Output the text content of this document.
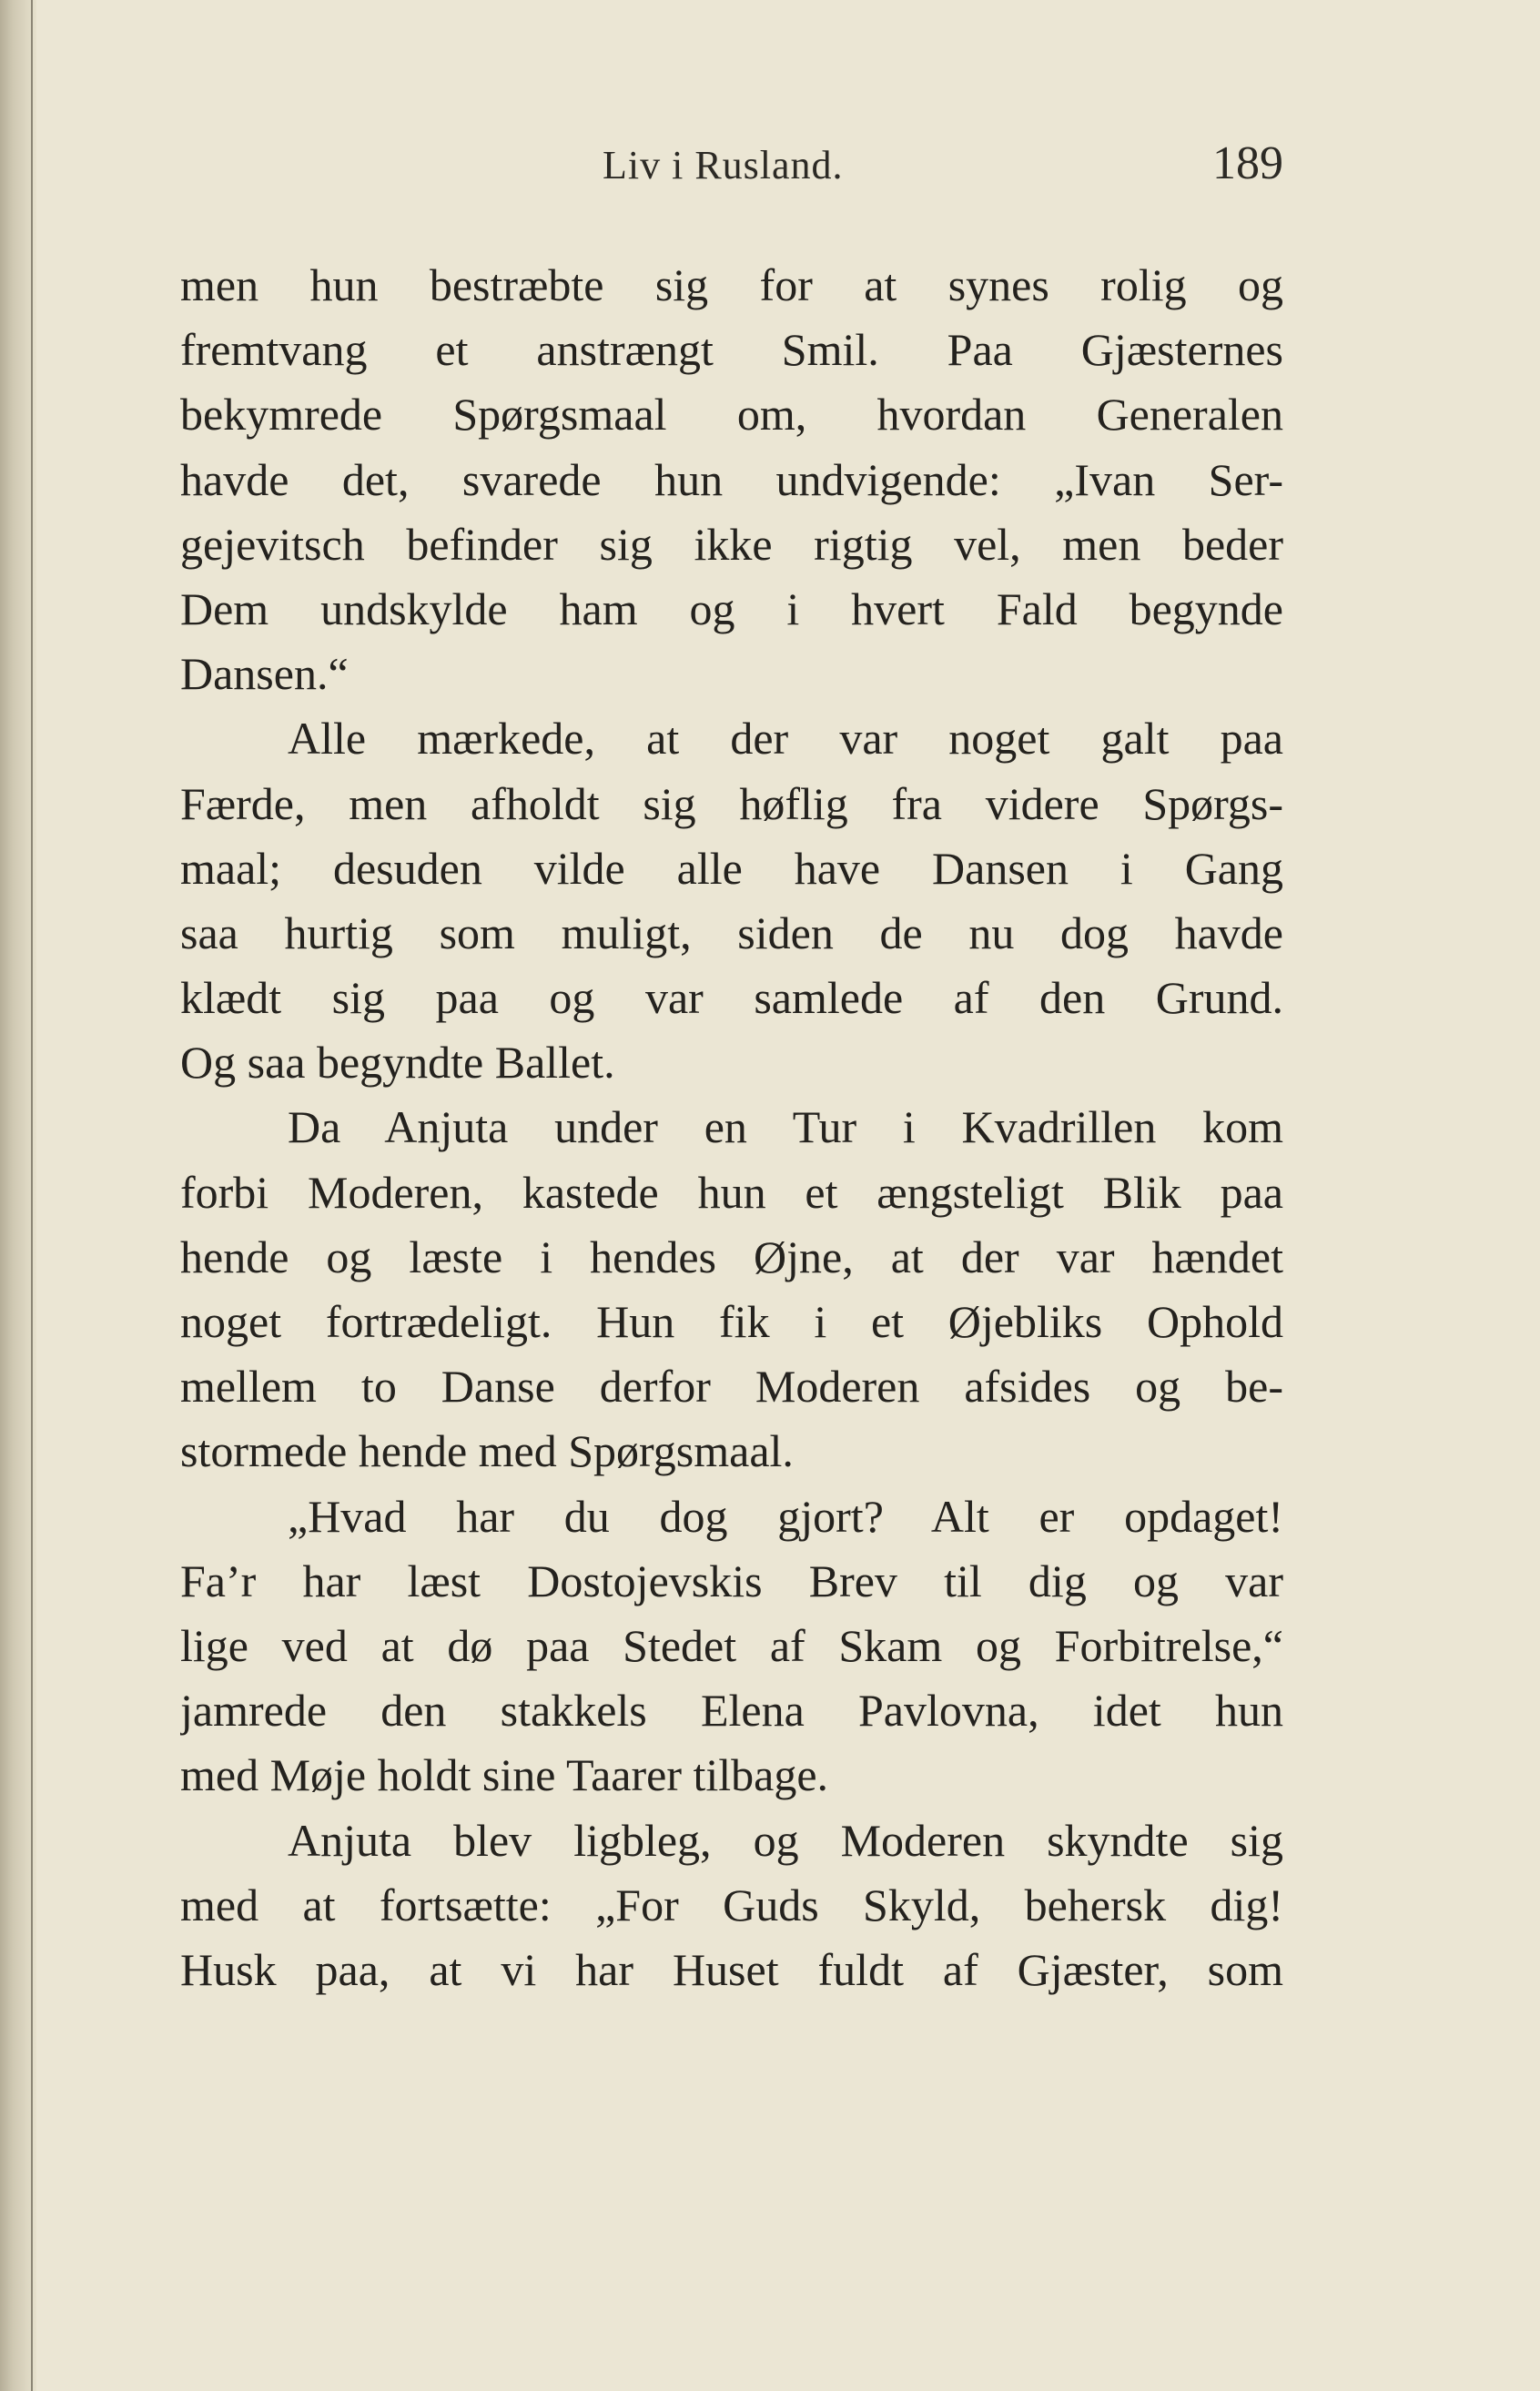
Liv i Rusland.	189
men hun bestræbte sig for at synes rolig og
fremtvang et anstrængt Smil. Paa Gjæsternes
bekymrede Spørgsmaal om, hvordan Generalen
havde det, svarede hun undvigende: „Ivan Ser-
gejevitsch befinder sig ikke rigtig vel, men beder
Dem undskylde ham og i hvert Fald begynde
Dansen.“
Alle mærkede, at der var noget galt paa
Færde, men afholdt sig høflig fra videre Spørgs-
maal; desuden vilde alle have Dansen i Gang
saa hurtig som muligt, siden de nu dog havde
klædt sig paa og var samlede af den Grund.
Og saa begyndte Ballet.
Da Anjuta under en Tur i Kvadrillen kom
forbi Moderen, kastede hun et ængsteligt Blik paa
hende og læste i hendes Øjne, at der var hændet
noget fortrædeligt. Hun fik i et Øjebliks Ophold
mellem to Danse derfor Moderen afsides og be-
stormede hende med Spørgsmaal.
„Hvad har du dog gjort? Alt er opdaget!
Fa’r har læst Dostojevskis Brev til dig og var
lige ved at dø paa Stedet af Skam og Forbitrelse,“
jamrede den stakkels Elena Pavlovna, idet hun
med Møje holdt sine Taarer tilbage.
Anjuta blev ligbleg, og Moderen skyndte sig
med at fortsætte: „For Guds Skyld, behersk dig!
Husk paa, at vi har Huset fuldt af Gjæster, som
